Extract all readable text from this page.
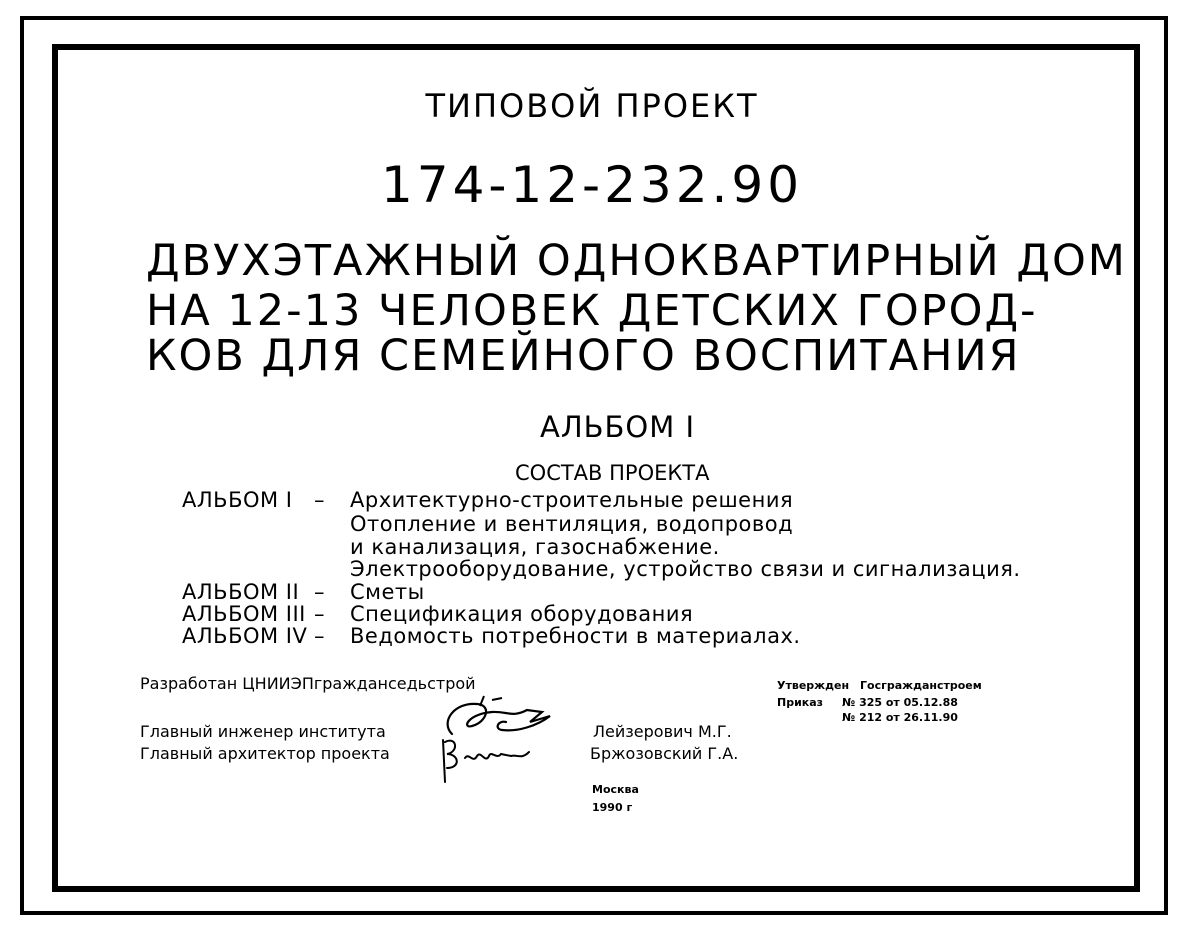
ТИПОВОЙ ПРОЕКТ
174-12-232.90
ДВУХЭТАЖНЫЙ ОДНОКВАРТИРНЫЙ ДОМ
НА 12-13 ЧЕЛОВЕК ДЕТСКИХ ГОРОД-
КОВ ДЛЯ СЕМЕЙНОГО ВОСПИТАНИЯ
АЛЬБОМ I
СОСТАВ ПРОЕКТА
АЛЬБОМ I – Архитектурно-строительные решения
Отопление и вентиляция, водопровод
и канализация, газоснабжение.
Электрооборудование, устройство связи и сигнализация.
АЛЬБОМ II – Сметы
АЛЬБОМ III – Спецификация оборудования
АЛЬБОМ IV – Ведомость потребности в материалах.
Разработан ЦНИИЭПгражданседьстрой	Утвержден Госгражданстроем
Приказ № 325 от 05.12.88
№ 212 от 26.11.90
Главный инженер института
Главный архитектор проекта
Лейзерович М.Г.
Бржозовский Г.А.
Москва
1990 г
